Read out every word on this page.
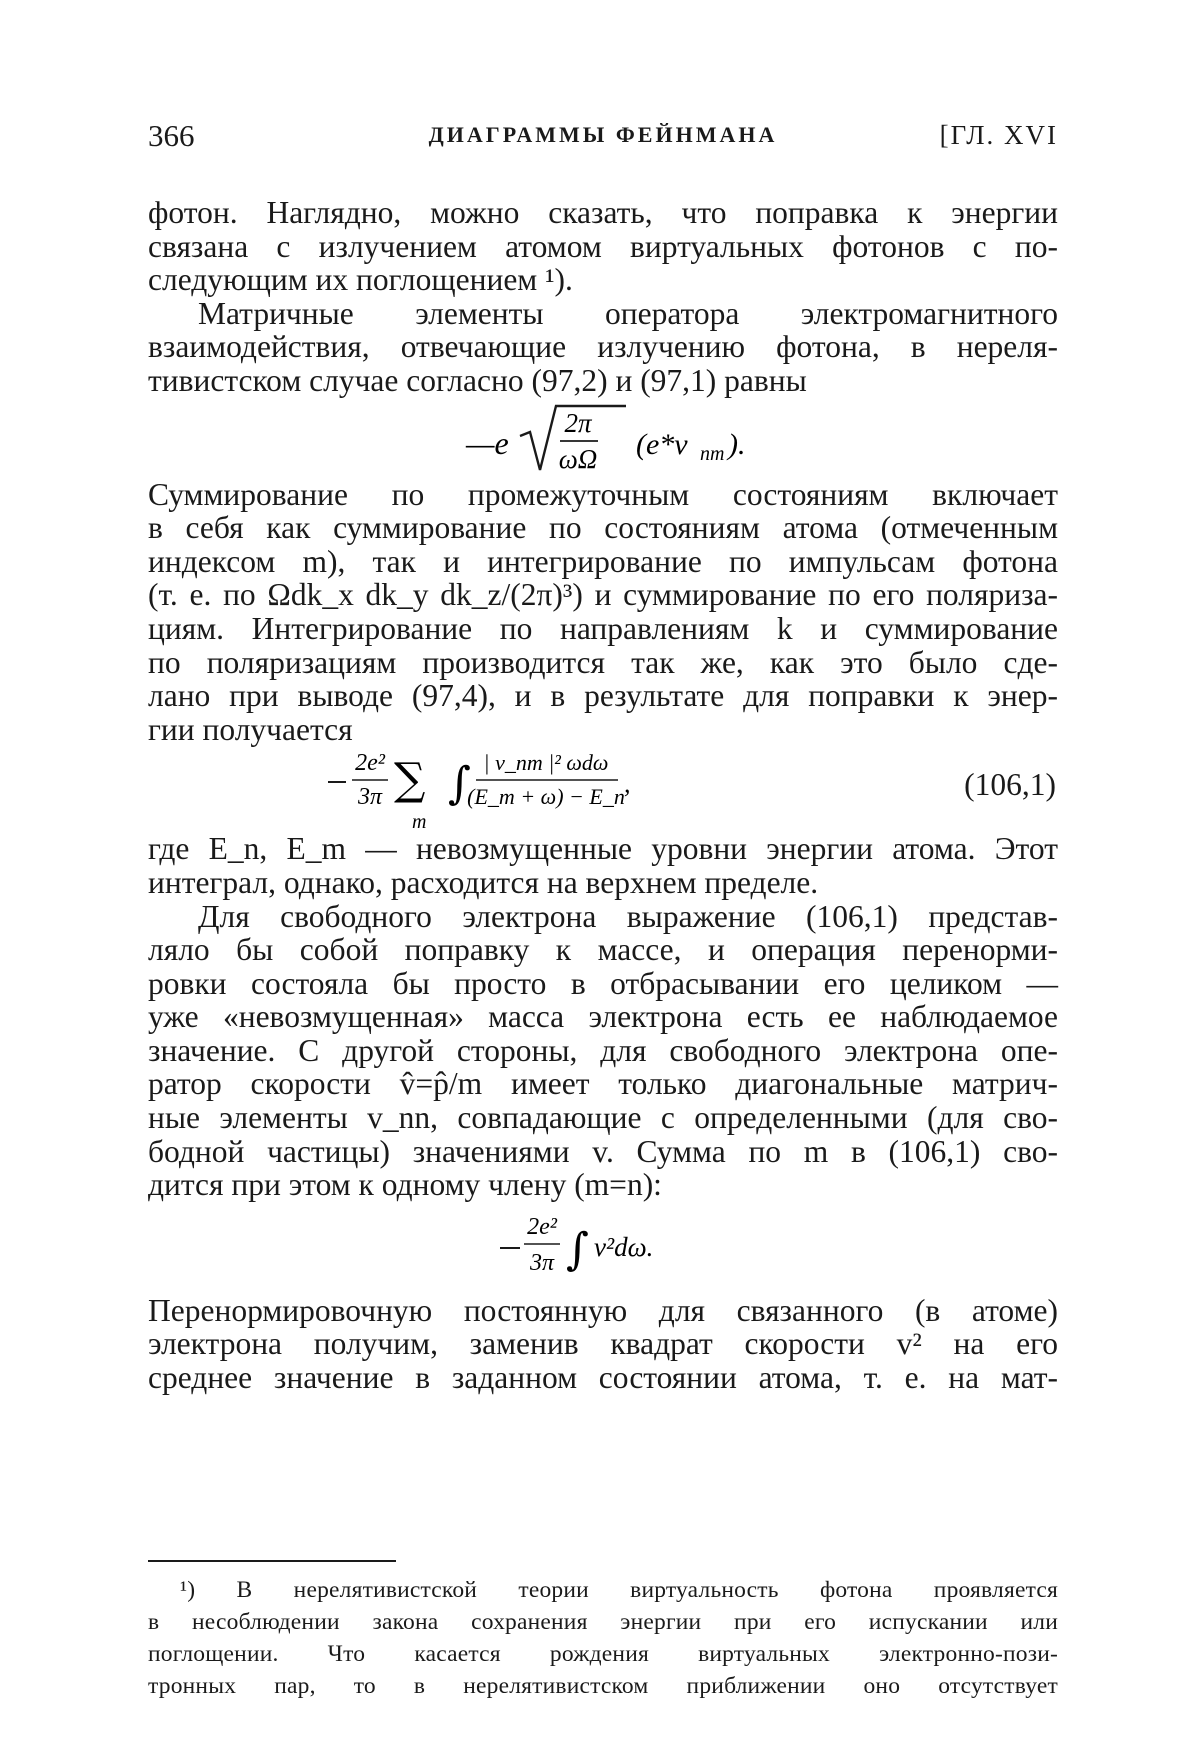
366	ДИАГРАММЫ ФЕЙНМАНА	[ГЛ. XVI

фотон. Наглядно, можно сказать, что поправка к энергии
связана с излучением атомом виртуальных фотонов с по-
следующим их поглощением ¹).

Матричные элементы оператора электромагнитного
взаимодействия, отвечающие излучению фотона, в нереля-
тивистском случае согласно (97,2) и (97,1) равны

—e
2π
ωΩ (e*v nm ).

Суммирование по промежуточным состояниям включает
в себя как суммирование по состояниям атома (отмеченным
индексом m), так и интегрирование по импульсам фотона
(т. е. по Ωdk_x dk_y dk_z/(2π)³) и суммирование по его поляриза-
циям. Интегрирование по направлениям k и суммирование
по поляризациям производится так же, как это было сде-
лано при выводе (97,4), и в результате для поправки к энер-
гии получается

2e²
3π ∑
m
∫ | v_nm |² ωdω
(E_m + ω) − E_n ,	(106,1)

где E_n, E_m — невозмущенные уровни энергии атома. Этот
интеграл, однако, расходится на верхнем пределе.

Для свободного электрона выражение (106,1) представ-
ляло бы собой поправку к массе, и операция перенорми-
ровки состояла бы просто в отбрасывании его целиком —
уже «невозмущенная» масса электрона есть ее наблюдаемое
значение. С другой стороны, для свободного электрона опе-
ратор скорости v̂=p̂/m имеет только диагональные матрич-
ные элементы v_nn, совпадающие с определенными (для сво-
бодной частицы) значениями v. Сумма по m в (106,1) сво-
дится при этом к одному члену (m=n):

2e²
3π ∫ v²dω.

Перенормировочную постоянную для связанного (в атоме)
электрона получим, заменив квадрат скорости v² на его
среднее значение в заданном состоянии атома, т. е. на мат-

¹) В нерелятивистской теории виртуальность фотона проявляется
в несоблюдении закона сохранения энергии при его испускании или
поглощении. Что касается рождения виртуальных электронно-пози-
тронных пар, то в нерелятивистском приближении оно отсутствует
